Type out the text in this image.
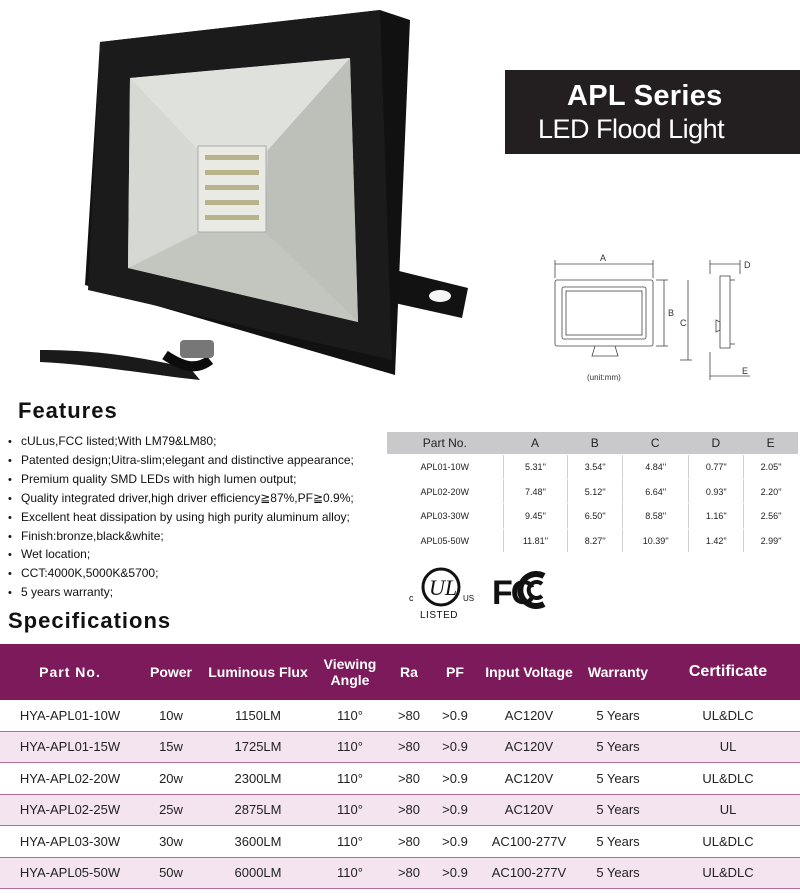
APL Series
LED Flood Light
A
B
C
D
E
(unit:mm)
Features
• cULus,FCC listed;With LM79&LM80;
• Patented design;Uitra-slim;elegant and distinctive appearance;
• Premium quality SMD LEDs with high lumen output;
• Quality integrated driver,high driver efficiency≧87%,PF≧0.9%;
• Excellent heat dissipation by using high purity aluminum alloy;
• Finish:bronze,black&white;
• Wet location;
• CCT:4000K,5000K&5700;
• 5 years warranty;
Part No.	A	B	C	D	E
APL01-10W	5.31''	3.54''	4.84''	0.77''	2.05''
APL02-20W	7.48''	5.12''	6.64''	0.93''	2.20''
APL03-30W	9.45''	6.50''	8.58''	1.16''	2.56''
APL05-50W	11.81''	8.27''	10.39''	1.42''	2.99''
UL
c	US
LISTED
FC
Specifications
Part No.	Power	Luminous Flux	Viewing Angle	Ra	PF	Input Voltage	Warranty	Certificate
HYA-APL01-10W	10w	1150LM	110°	>80	>0.9	AC120V	5 Years	UL&DLC
HYA-APL01-15W	15w	1725LM	110°	>80	>0.9	AC120V	5 Years	UL
HYA-APL02-20W	20w	2300LM	110°	>80	>0.9	AC120V	5 Years	UL&DLC
HYA-APL02-25W	25w	2875LM	110°	>80	>0.9	AC120V	5 Years	UL
HYA-APL03-30W	30w	3600LM	110°	>80	>0.9	AC100-277V	5 Years	UL&DLC
HYA-APL05-50W	50w	6000LM	110°	>80	>0.9	AC100-277V	5 Years	UL&DLC
